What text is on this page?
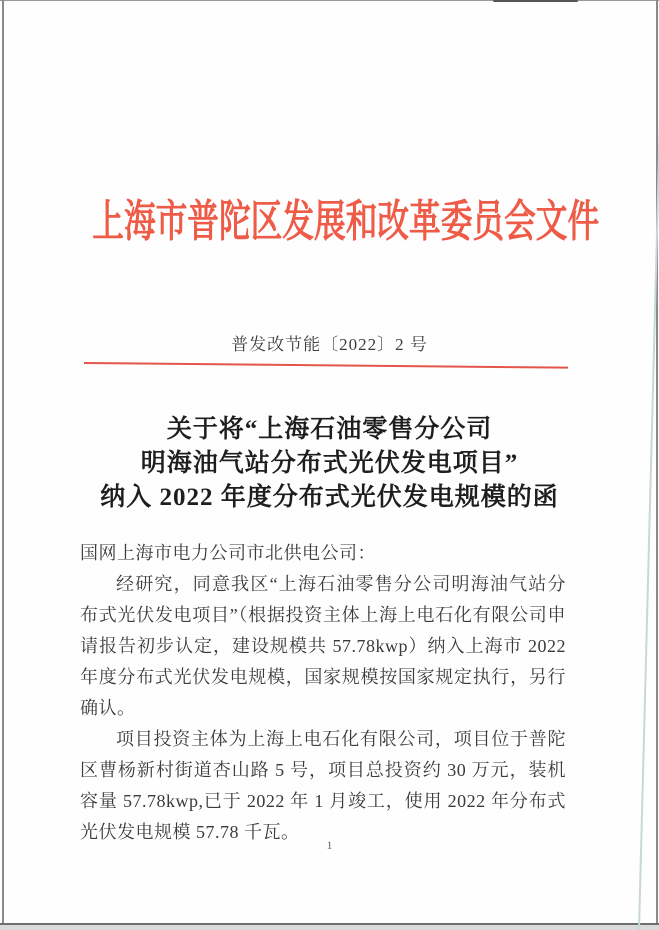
上海市普陀区发展和改革委员会文件
普发改节能〔2022〕2 号
关于将“上海石油零售分公司
明海油气站分布式光伏发电项目”
纳入 2022 年度分布式光伏发电规模的函

国网上海市电力公司市北供电公司：

经研究，同意我区“上海石油零售分公司明海油气站分布式光伏发电项目”（根据投资主体上海上电石化有限公司申请报告初步认定，建设规模共 57.78kwp）纳入上海市 2022 年度分布式光伏发电规模，国家规模按国家规定执行，另行确认。

项目投资主体为上海上电石化有限公司，项目位于普陀区曹杨新村街道杏山路 5 号，项目总投资约 30 万元，装机容量 57.78kwp,已于 2022 年 1 月竣工，使用 2022 年分布式光伏发电规模 57.78 千瓦。

1
